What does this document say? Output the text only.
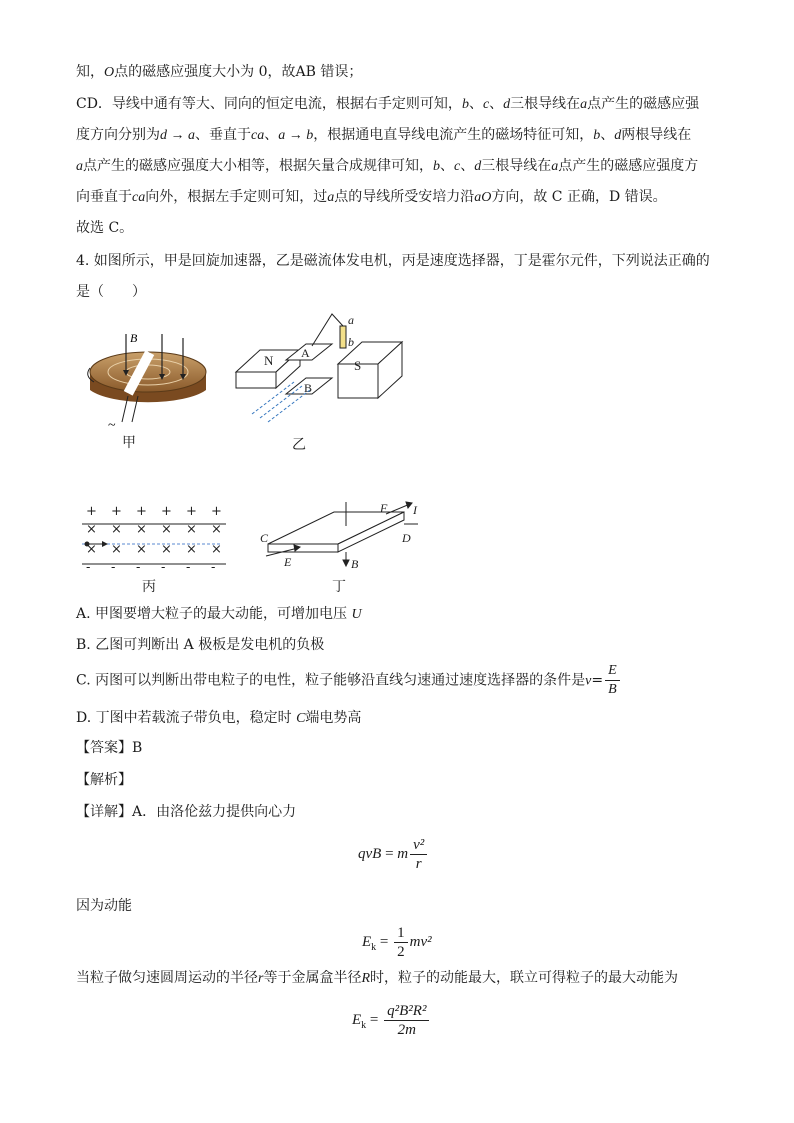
知，O点的磁感应强度大小为 0，故AB 错误；
CD．导线中通有等大、同向的恒定电流，根据右手定则可知，b、c、d三根导线在a点产生的磁感应强
度方向分别为d → a、垂直于ca、a → b，根据通电直导线电流产生的磁场特征可知，b、d两根导线在
a点产生的磁感应强度大小相等，根据矢量合成规律可知，b、c、d三根导线在a点产生的磁感应强度方
向垂直于ca向外，根据左手定则可知，过a点的导线所受安培力沿aO方向，故 C 正确，D 错误。
故选 C。
4. 如图所示，甲是回旋加速器，乙是磁流体发电机，丙是速度选择器，丁是霍尔元件，下列说法正确的
是（　　）
B
~
甲
N	S
A
B
a
b
乙
+ + + + + +
× × × × × ×
× × × × × ×
- - - - - -
丙
F I
C	D
E	B
丁
A. 甲图要增大粒子的最大动能，可增加电压 U
B. 乙图可判断出 A 极板是发电机的负极
C. 丙图可以判断出带电粒子的电性，粒子能够沿直线匀速通过速度选择器的条件是$v= \frac{E}{B}$
D. 丁图中若载流子带负电，稳定时 C端电势高
【答案】B
【解析】
【详解】A．由洛伦兹力提供向心力
qvB = m $\frac{\text{v²}}{r}$
因为动能
$E_k = \frac{1}{2} mv^2$
当粒子做匀速圆周运动的半径r等于金属盒半径R时，粒子的动能最大，联立可得粒子的最大动能为
$E_k = \frac{\text{q²B²R²}}{2m}$
